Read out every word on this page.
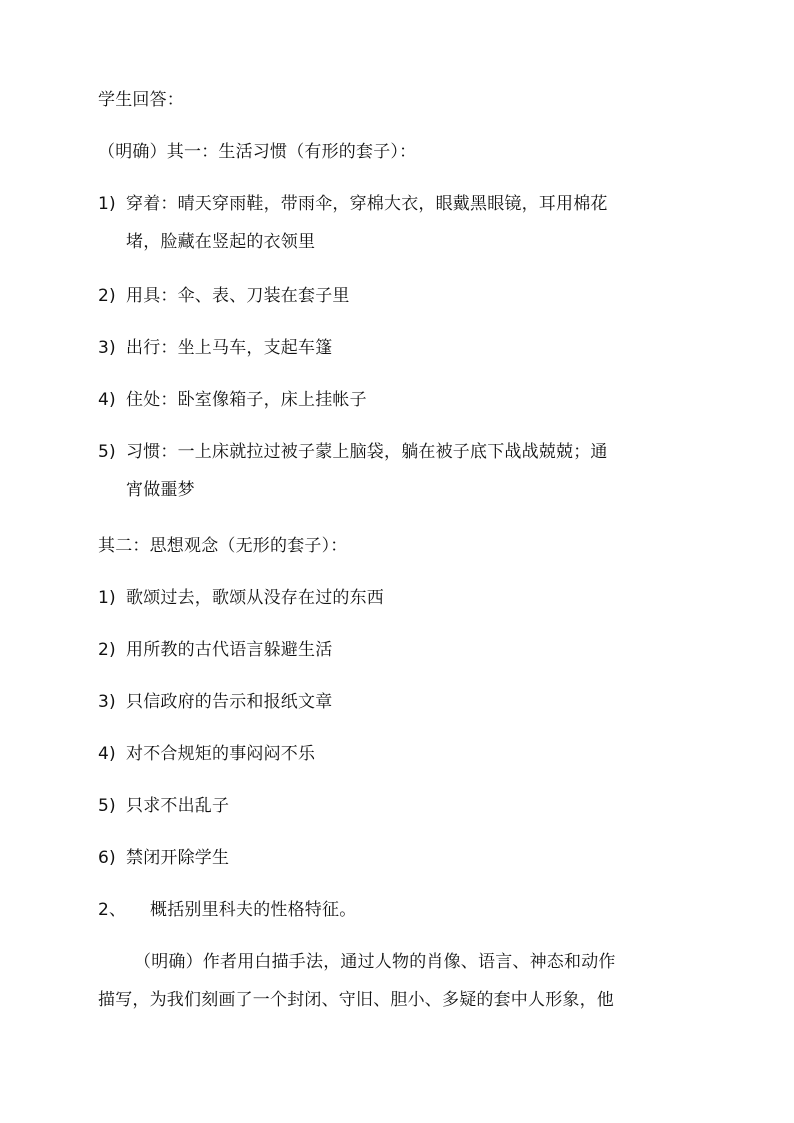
学生回答：
（明确）其一：生活习惯（有形的套子）：
1) 穿着：晴天穿雨鞋，带雨伞，穿棉大衣，眼戴黑眼镜，耳用棉花
堵，脸藏在竖起的衣领里
2) 用具：伞、表、刀装在套子里
3) 出行：坐上马车，支起车篷
4) 住处：卧室像箱子，床上挂帐子
5) 习惯：一上床就拉过被子蒙上脑袋，躺在被子底下战战兢兢；通
宵做噩梦
其二：思想观念（无形的套子）：
1) 歌颂过去，歌颂从没存在过的东西
2) 用所教的古代语言躲避生活
3) 只信政府的告示和报纸文章
4) 对不合规矩的事闷闷不乐
5) 只求不出乱子
6) 禁闭开除学生
2、 概括别里科夫的性格特征。
（明确）作者用白描手法，通过人物的肖像、语言、神态和动作
描写，为我们刻画了一个封闭、守旧、胆小、多疑的套中人形象，他
